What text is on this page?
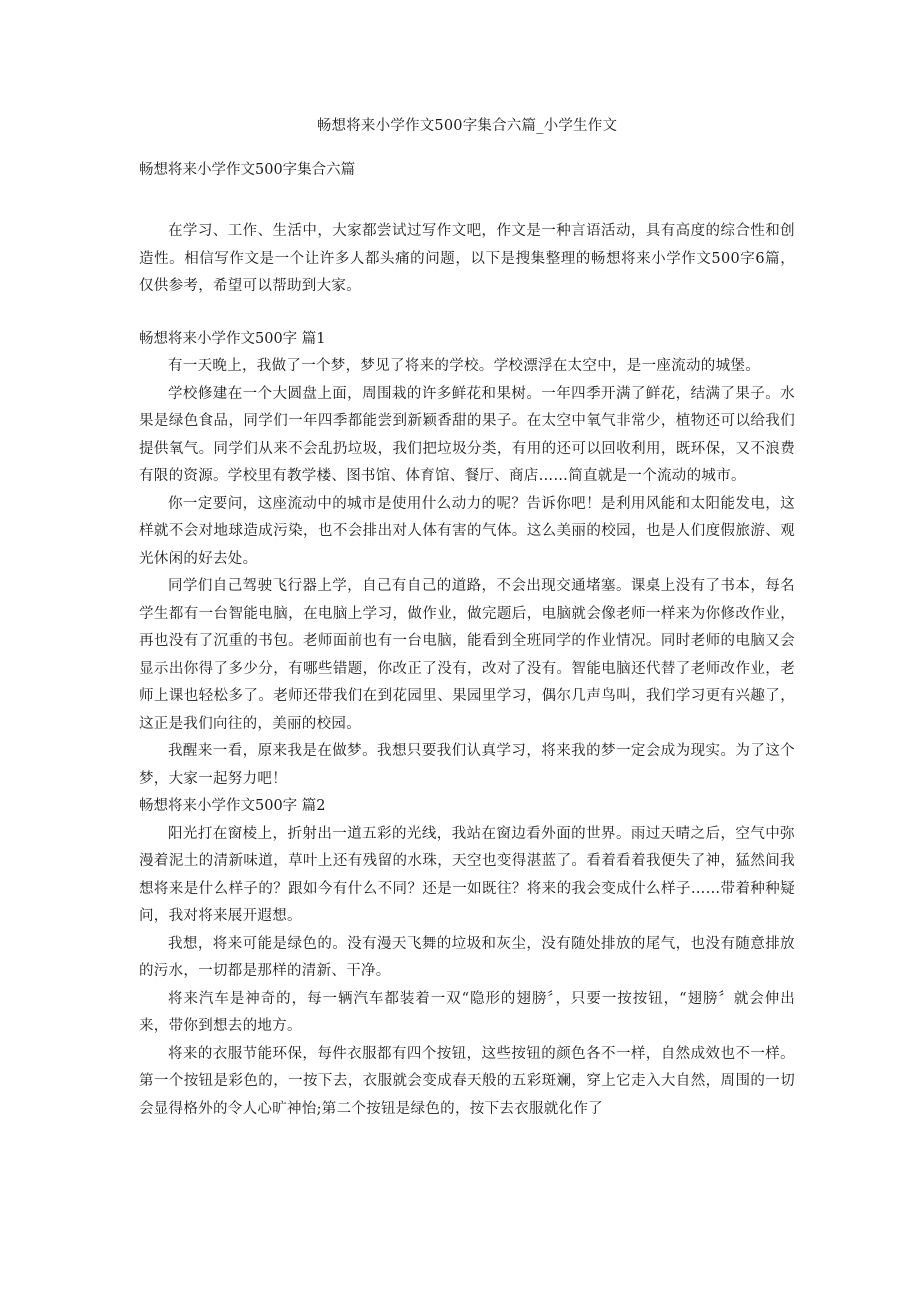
畅想将来小学作文500字集合六篇_小学生作文
畅想将来小学作文500字集合六篇

在学习、工作、生活中，大家都尝试过写作文吧，作文是一种言语活动，具有高度的综合性和创造性。相信写作文是一个让许多人都头痛的问题，以下是搜集整理的畅想将来小学作文500字6篇，仅供参考，希望可以帮助到大家。

畅想将来小学作文500字 篇1

有一天晚上，我做了一个梦，梦见了将来的学校。学校漂浮在太空中，是一座流动的城堡。

学校修建在一个大圆盘上面，周围栽的许多鲜花和果树。一年四季开满了鲜花，结满了果子。水果是绿色食品，同学们一年四季都能尝到新颖香甜的果子。在太空中氧气非常少，植物还可以给我们提供氧气。同学们从来不会乱扔垃圾，我们把垃圾分类，有用的还可以回收利用，既环保，又不浪费有限的资源。学校里有教学楼、图书馆、体育馆、餐厅、商店……简直就是一个流动的城市。

你一定要问，这座流动中的城市是使用什么动力的呢？告诉你吧！是利用风能和太阳能发电，这样就不会对地球造成污染，也不会排出对人体有害的气体。这么美丽的校园，也是人们度假旅游、观光休闲的好去处。

同学们自己驾驶飞行器上学，自己有自己的道路，不会出现交通堵塞。课桌上没有了书本，每名学生都有一台智能电脑，在电脑上学习，做作业，做完题后，电脑就会像老师一样来为你修改作业，再也没有了沉重的书包。老师面前也有一台电脑，能看到全班同学的作业情况。同时老师的电脑又会显示出你得了多少分，有哪些错题，你改正了没有，改对了没有。智能电脑还代替了老师改作业，老师上课也轻松多了。老师还带我们在到花园里、果园里学习，偶尔几声鸟叫，我们学习更有兴趣了，这正是我们向往的，美丽的校园。

我醒来一看，原来我是在做梦。我想只要我们认真学习，将来我的梦一定会成为现实。为了这个梦，大家一起努力吧！

畅想将来小学作文500字 篇2

阳光打在窗棱上，折射出一道五彩的光线，我站在窗边看外面的世界。雨过天晴之后，空气中弥漫着泥土的清新味道，草叶上还有残留的水珠，天空也变得湛蓝了。看着看着我便失了神，猛然间我想将来是什么样子的？跟如今有什么不同？还是一如既往？将来的我会变成什么样子……带着种种疑问，我对将来展开遐想。

我想，将来可能是绿色的。没有漫天飞舞的垃圾和灰尘，没有随处排放的尾气，也没有随意排放的污水，一切都是那样的清新、干净。

将来汽车是神奇的，每一辆汽车都装着一双“隐形的翅膀〞，只要一按按钮，“翅膀〞就会伸出来，带你到想去的地方。

将来的衣服节能环保，每件衣服都有四个按钮，这些按钮的颜色各不一样，自然成效也不一样。第一个按钮是彩色的，一按下去，衣服就会变成春天般的五彩斑斓，穿上它走入大自然，周围的一切会显得格外的令人心旷神怡;第二个按钮是绿色的，按下去衣服就化作了
